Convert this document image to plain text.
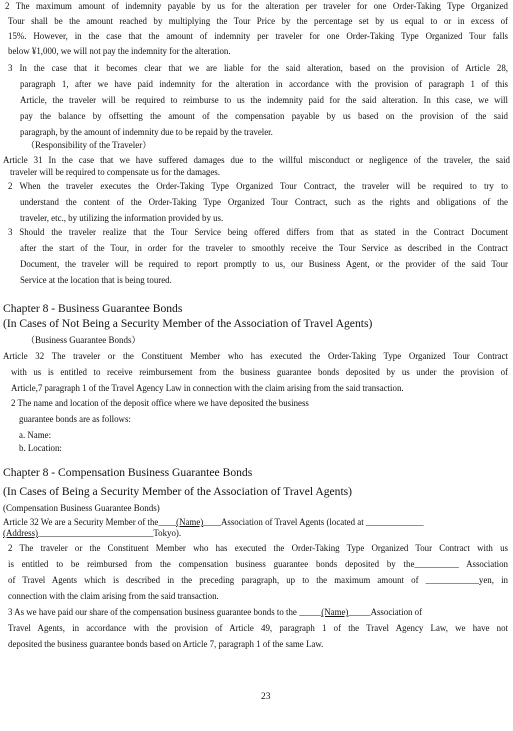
2 The maximum amount of indemnity payable by us for the alteration per traveler for one Order-Taking Type Organized
Tour shall be the amount reached by multiplying the Tour Price by the percentage set by us equal to or in excess of
15%. However, in the case that the amount of indemnity per traveler for one Order-Taking Type Organized Tour falls
below ¥1,000, we will not pay the indemnity for the alteration.
3 In the case that it becomes clear that we are liable for the said alteration, based on the provision of Article 28,
paragraph 1, after we have paid indemnity for the alteration in accordance with the provision of paragraph 1 of this
Article, the traveler will be required to reimburse to us the indemnity paid for the said alteration. In this case, we will
pay the balance by offsetting the amount of the compensation payable by us based on the provision of the said
paragraph, by the amount of indemnity due to be repaid by the traveler.
（Responsibility of the Traveler）
Article 31 In the case that we have suffered damages due to the willful misconduct or negligence of the traveler, the said
traveler will be required to compensate us for the damages.
2 When the traveler executes the Order-Taking Type Organized Tour Contract, the traveler will be required to try to
understand the content of the Order-Taking Type Organized Tour Contract, such as the rights and obligations of the
traveler, etc., by utilizing the information provided by us.
3 Should the traveler realize that the Tour Service being offered differs from that as stated in the Contract Document
after the start of the Tour, in order for the traveler to smoothly receive the Tour Service as described in the Contract
Document, the traveler will be required to report promptly to us, our Business Agent, or the provider of the said Tour
Service at the location that is being toured.
Chapter 8 - Business Guarantee Bonds
(In Cases of Not Being a Security Member of the Association of Travel Agents)
（Business Guarantee Bonds）
Article 32 The traveler or the Constituent Member who has executed the Order-Taking Type Organized Tour Contract
with us is entitled to receive reimbursement from the business guarantee bonds deposited by us under the provision of
Article,7 paragraph 1 of the Travel Agency Law in connection with the claim arising from the said transaction.
2 The name and location of the deposit office where we have deposited the business
guarantee bonds are as follows:
a. Name:
b. Location:
Chapter 8 - Compensation Business Guarantee Bonds
(In Cases of Being a Security Member of the Association of Travel Agents)
(Compensation Business Guarantee Bonds)
Article 32 We are a Security Member of the____(Name)____Association of Travel Agents (located at _____________
(Address)__________________________Tokyo).
2 The traveler or the Constituent Member who has executed the Order-Taking Type Organized Tour Contract with us
is entitled to be reimbursed from the compensation business guarantee bonds deposited by the__________ Association
of Travel Agents which is described in the preceding paragraph, up to the maximum amount of ____________yen, in
connection with the claim arising from the said transaction.
3 As we have paid our share of the compensation business guarantee bonds to the _____(Name)_____Association of
Travel Agents, in accordance with the provision of Article 49, paragraph 1 of the Travel Agency Law, we have not
deposited the business guarantee bonds based on Article 7, paragraph 1 of the same Law.
23
